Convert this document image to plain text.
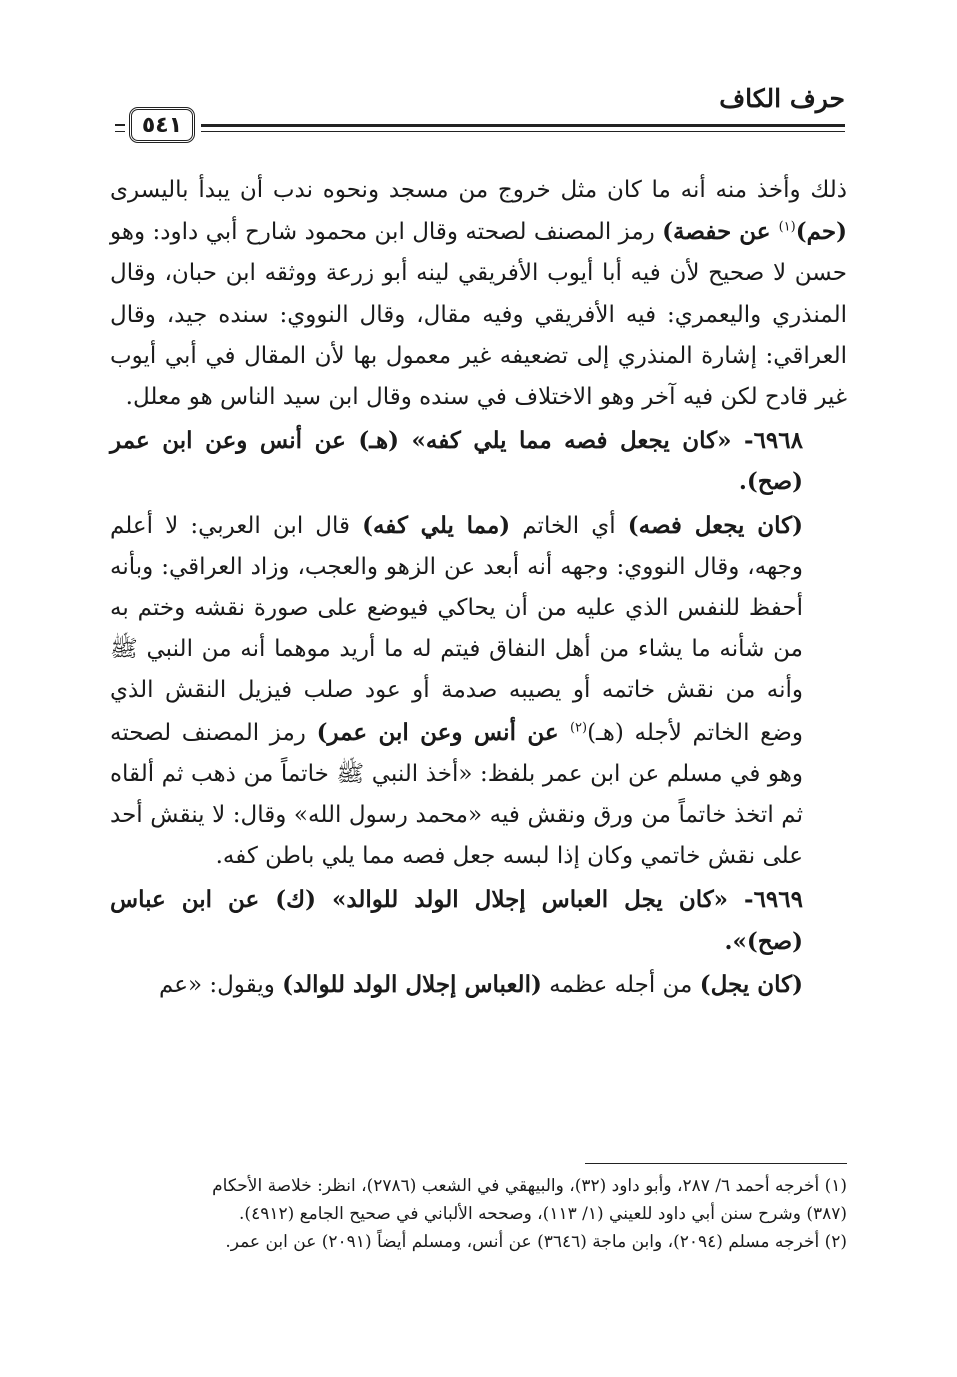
حرف الكاف
٥٤١

ذلك وأخذ منه أنه ما كان مثل خروج من مسجد ونحوه ندب أن يبدأ باليسرى (حم)$^{(١)}$ عن حفصة) رمز المصنف لصحته وقال ابن محمود شارح أبي داود: وهو حسن لا صحيح لأن فيه أبا أيوب الأفريقي لينه أبو زرعة ووثقه ابن حبان، وقال المنذري واليعمري: فيه الأفريقي وفيه مقال، وقال النووي: سنده جيد، وقال العراقي: إشارة المنذري إلى تضعيفه غير معمول بها لأن المقال في أبي أيوب غير قادح لكن فيه آخر وهو الاختلاف في سنده وقال ابن سيد الناس هو معلل.

٦٩٦٨- «كان يجعل فصه مما يلي كفه» (هـ) عن أنس وعن ابن عمر (صح).

(كان يجعل فصه) أي الخاتم (مما يلي كفه) قال ابن العربي: لا أعلم وجهه، وقال النووي: وجهه أنه أبعد عن الزهو والعجب، وزاد العراقي: وبأنه أحفظ للنفس الذي عليه من أن يحاكي فيوضع على صورة نقشه وختم به من شأنه ما يشاء من أهل النفاق فيتم له ما أريد موهما أنه من النبي ﷺ وأنه من نقش خاتمه أو يصيبه صدمة أو عود صلب فيزيل النقش الذي وضع الخاتم لأجله (هـ)$^{(٢)}$ عن أنس وعن ابن عمر) رمز المصنف لصحته وهو في مسلم عن ابن عمر بلفظ: «أخذ النبي ﷺ خاتماً من ذهب ثم ألقاه ثم اتخذ خاتماً من ورق ونقش فيه «محمد رسول الله» وقال: لا ينقش أحد على نقش خاتمي وكان إذا لبسه جعل فصه مما يلي باطن كفه.

٦٩٦٩- «كان يجل العباس إجلال الولد للوالد» (ك) عن ابن عباس (صح)».

(كان يجل) من أجله عظمه (العباس إجلال الولد للوالد) ويقول: «عم

(١) أخرجه أحمد ٦/ ٢٨٧، وأبو داود (٣٢)، والبيهقي في الشعب (٢٧٨٦)، انظر: خلاصة الأحكام

(٣٨٧) وشرح سنن أبي داود للعيني (١/ ١١٣)، وصححه الألباني في صحيح الجامع (٤٩١٢).

(٢) أخرجه مسلم (٢٠٩٤)، وابن ماجة (٣٦٤٦) عن أنس، ومسلم أيضاً (٢٠٩١) عن ابن عمر.
